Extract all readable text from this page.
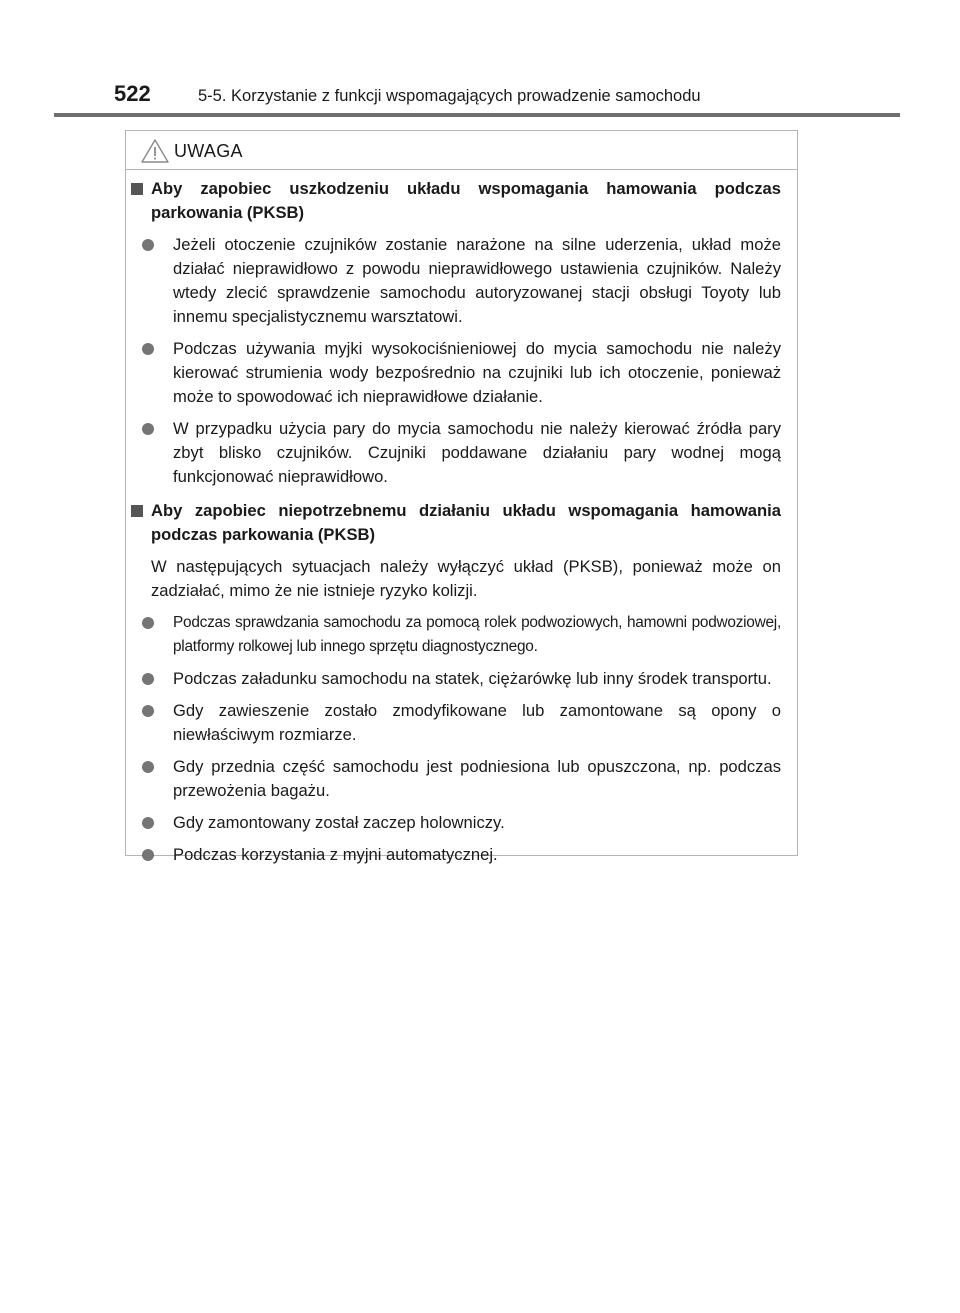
522	5-5. Korzystanie z funkcji wspomagających prowadzenie samochodu
UWAGA
Aby zapobiec uszkodzeniu układu wspomagania hamowania podczas parkowania (PKSB)
Jeżeli otoczenie czujników zostanie narażone na silne uderzenia, układ może działać nieprawidłowo z powodu nieprawidłowego ustawienia czujników. Należy wtedy zlecić sprawdzenie samochodu autoryzowanej stacji obsługi Toyoty lub innemu specjalistycznemu warsztatowi.
Podczas używania myjki wysokociśnieniowej do mycia samochodu nie należy kierować strumienia wody bezpośrednio na czujniki lub ich otoczenie, ponieważ może to spowodować ich nieprawidłowe działanie.
W przypadku użycia pary do mycia samochodu nie należy kierować źródła pary zbyt blisko czujników. Czujniki poddawane działaniu pary wodnej mogą funkcjonować nieprawidłowo.
Aby zapobiec niepotrzebnemu działaniu układu wspomagania hamowania podczas parkowania (PKSB)
W następujących sytuacjach należy wyłączyć układ (PKSB), ponieważ może on zadziałać, mimo że nie istnieje ryzyko kolizji.
Podczas sprawdzania samochodu za pomocą rolek podwoziowych, hamowni podwoziowej, platformy rolkowej lub innego sprzętu diagnostycznego.
Podczas załadunku samochodu na statek, ciężarówkę lub inny środek transportu.
Gdy zawieszenie zostało zmodyfikowane lub zamontowane są opony o niewłaściwym rozmiarze.
Gdy przednia część samochodu jest podniesiona lub opuszczona, np. podczas przewożenia bagażu.
Gdy zamontowany został zaczep holowniczy.
Podczas korzystania z myjni automatycznej.
